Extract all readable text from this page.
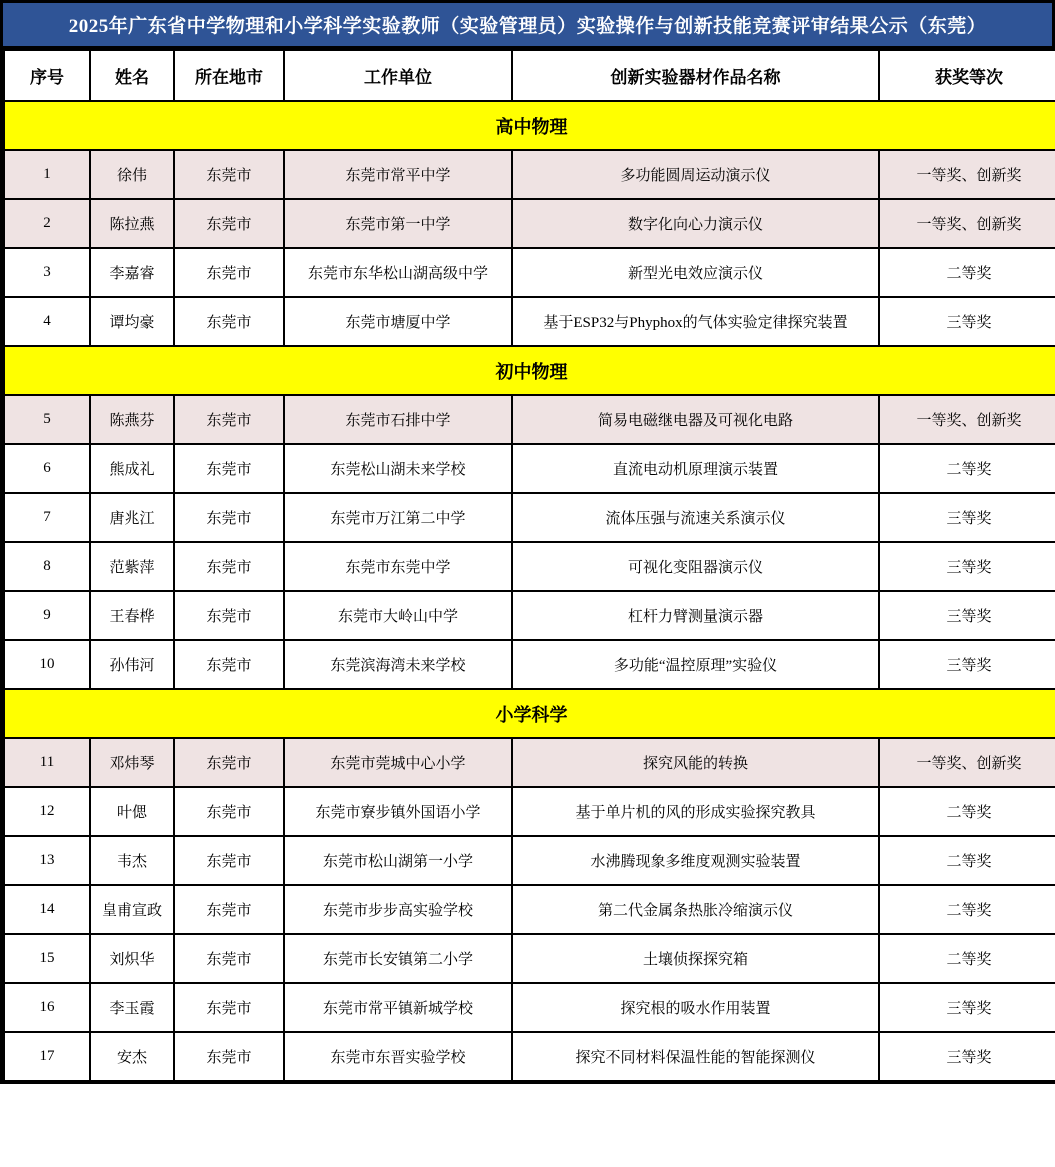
2025年广东省中学物理和小学科学实验教师（实验管理员）实验操作与创新技能竞赛评审结果公示（东莞）
序号	姓名	所在地市	工作单位	创新实验器材作品名称	获奖等次
高中物理					
1	徐伟	东莞市	东莞市常平中学	多功能圆周运动演示仪	一等奖、创新奖
2	陈拉燕	东莞市	东莞市第一中学	数字化向心力演示仪	一等奖、创新奖
3	李嘉睿	东莞市	东莞市东华松山湖高级中学	新型光电效应演示仪	二等奖
4	谭均豪	东莞市	东莞市塘厦中学	基于ESP32与Phyphox的气体实验定律探究装置	三等奖
初中物理					
5	陈燕芬	东莞市	东莞市石排中学	简易电磁继电器及可视化电路	一等奖、创新奖
6	熊成礼	东莞市	东莞松山湖未来学校	直流电动机原理演示装置	二等奖
7	唐兆江	东莞市	东莞市万江第二中学	流体压强与流速关系演示仪	三等奖
8	范紫萍	东莞市	东莞市东莞中学	可视化变阻器演示仪	三等奖
9	王春桦	东莞市	东莞市大岭山中学	杠杆力臂测量演示器	三等奖
10	孙伟河	东莞市	东莞滨海湾未来学校	多功能“温控原理”实验仪	三等奖
小学科学					
11	邓炜琴	东莞市	东莞市莞城中心小学	探究风能的转换	一等奖、创新奖
12	叶偲	东莞市	东莞市寮步镇外国语小学	基于单片机的风的形成实验探究教具	二等奖
13	韦杰	东莞市	东莞市松山湖第一小学	水沸腾现象多维度观测实验装置	二等奖
14	皇甫宣政	东莞市	东莞市步步高实验学校	第二代金属条热胀冷缩演示仪	二等奖
15	刘炽华	东莞市	东莞市长安镇第二小学	土壤侦探探究箱	二等奖
16	李玉霞	东莞市	东莞市常平镇新城学校	探究根的吸水作用装置	三等奖
17	安杰	东莞市	东莞市东晋实验学校	探究不同材料保温性能的智能探测仪	三等奖
